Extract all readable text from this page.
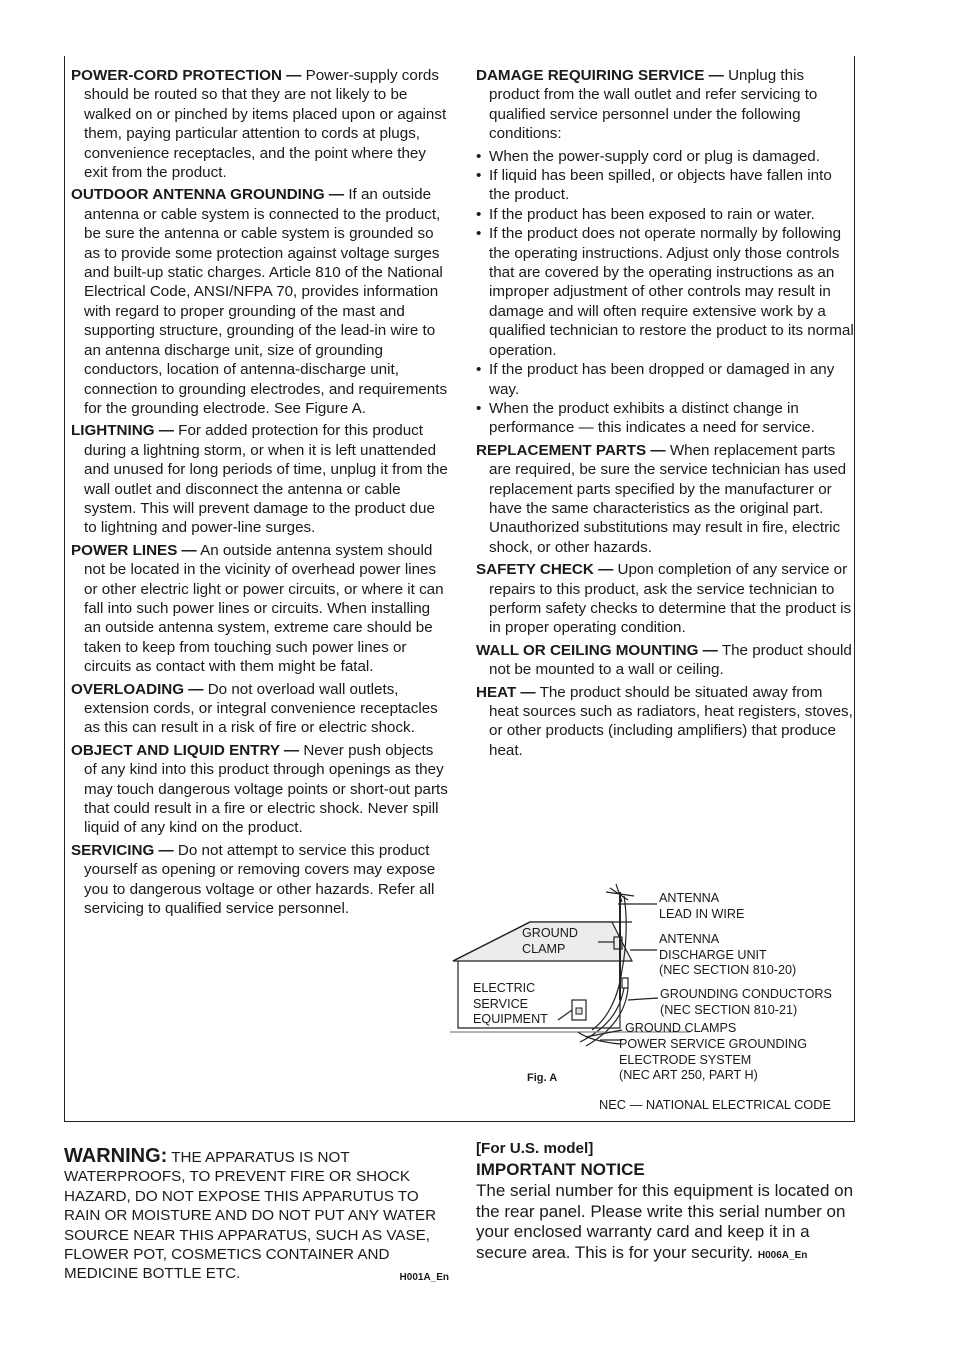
POWER-CORD PROTECTION — Power-supply cords should be routed so that they are not likely to be walked on or pinched by items placed upon or against them, paying particular attention to cords at plugs, convenience receptacles, and the point where they exit from the product.

OUTDOOR ANTENNA GROUNDING — If an outside antenna or cable system is connected to the product, be sure the antenna or cable system is grounded so as to provide some protection against voltage surges and built-up static charges. Article 810 of the National Electrical Code, ANSI/NFPA 70, provides information with regard to proper grounding of the mast and supporting structure, grounding of the lead-in wire to an antenna discharge unit, size of grounding conductors, location of antenna-discharge unit, connection to grounding electrodes, and requirements for the grounding electrode. See Figure A.

LIGHTNING — For added protection for this product during a lightning storm, or when it is left unattended and unused for long periods of time, unplug it from the wall outlet and disconnect the antenna or cable system. This will prevent damage to the product due to lightning and power-line surges.

POWER LINES — An outside antenna system should not be located in the vicinity of overhead power lines or other electric light or power circuits, or where it can fall into such power lines or circuits. When installing an outside antenna system, extreme care should be taken to keep from touching such power lines or circuits as contact with them might be fatal.

OVERLOADING — Do not overload wall outlets, extension cords, or integral convenience receptacles as this can result in a risk of fire or electric shock.

OBJECT AND LIQUID ENTRY — Never push objects of any kind into this product through openings as they may touch dangerous voltage points or short-out parts that could result in a fire or electric shock. Never spill liquid of any kind on the product.

SERVICING — Do not attempt to service this product yourself as opening or removing covers may expose you to dangerous voltage or other hazards. Refer all servicing to qualified service personnel.

DAMAGE REQUIRING SERVICE — Unplug this product from the wall outlet and refer servicing to qualified service personnel under the following conditions:

• When the power-supply cord or plug is damaged.
• If liquid has been spilled, or objects have fallen into the product.
• If the product has been exposed to rain or water.
• If the product does not operate normally by following the operating instructions. Adjust only those controls that are covered by the operating instructions as an improper adjustment of other controls may result in damage and will often require extensive work by a qualified technician to restore the product to its normal operation.
• If the product has been dropped or damaged in any way.
• When the product exhibits a distinct change in performance — this indicates a need for service.

REPLACEMENT PARTS — When replacement parts are required, be sure the service technician has used replacement parts specified by the manufacturer or have the same characteristics as the original part. Unauthorized substitutions may result in fire, electric shock, or other hazards.

SAFETY CHECK — Upon completion of any service or repairs to this product, ask the service technician to perform safety checks to determine that the product is in proper operating condition.

WALL OR CEILING MOUNTING — The product should not be mounted to a wall or ceiling.

HEAT — The product should be situated away from heat sources such as radiators, heat registers, stoves, or other products (including amplifiers) that produce heat.

ANTENNA
LEAD IN WIRE
GROUND
CLAMP
ANTENNA
DISCHARGE UNIT
(NEC SECTION 810-20)
ELECTRIC
SERVICE
EQUIPMENT
GROUNDING CONDUCTORS
(NEC SECTION 810-21)
GROUND CLAMPS
POWER SERVICE GROUNDING
ELECTRODE SYSTEM
(NEC ART 250, PART H)
Fig. A
NEC — NATIONAL ELECTRICAL CODE
WARNING: THE APPARATUS IS NOT WATERPROOFS, TO PREVENT FIRE OR SHOCK HAZARD, DO NOT EXPOSE THIS APPARUTUS TO RAIN OR MOISTURE AND DO NOT PUT ANY WATER SOURCE NEAR THIS APPARATUS, SUCH AS VASE, FLOWER POT, COSMETICS CONTAINER AND MEDICINE BOTTLE ETC.	H001A_En
[For U.S. model]
IMPORTANT NOTICE
The serial number for this equipment is located on the rear panel. Please write this serial number on your enclosed warranty card and keep it in a secure area. This is for your security. H006A_En
